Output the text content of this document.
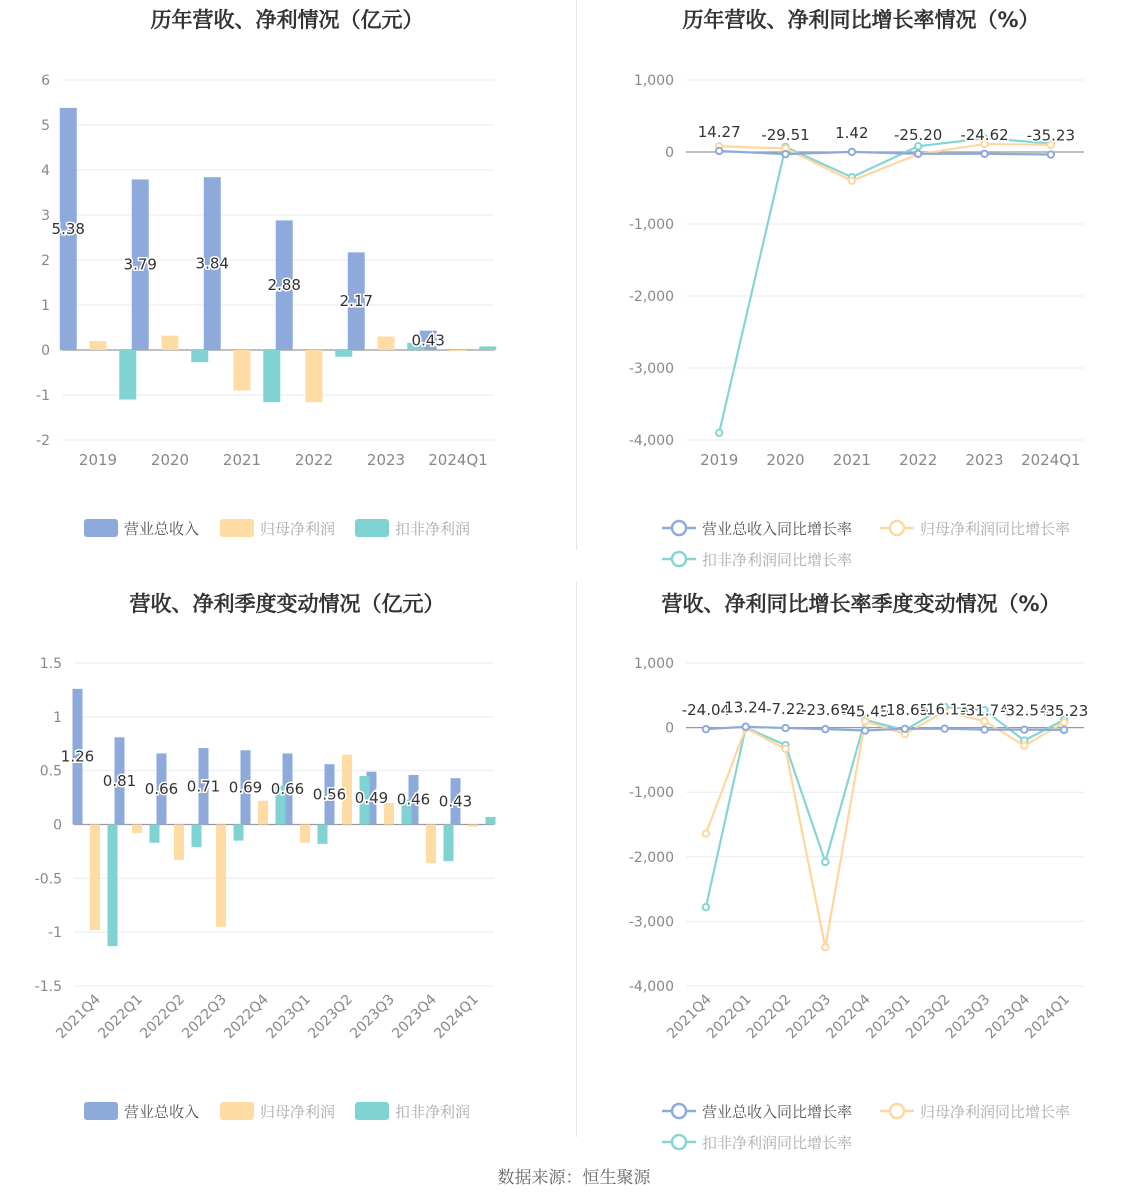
历年营收、净利情况（亿元）
6
5
4
3
2
1
0
-1
-2
2019 2020 2021 2022 2023 2024Q1
5.38
3.79	3.84
2.88
2.17
0.43
营业总收入	归母净利润	扣非净利润
历年营收、净利同比增长率情况（%）
1,000
0
-1,000
-2,000
-3,000
-4,000
2019 2020 2021 2022 2023 2024Q1
14.27 -29.51 1.42 -25.20 -24.62 -35.23
营业总收入同比增长率	归母净利润同比增长率
扣非净利润同比增长率
营收、净利季度变动情况（亿元）
1.5
1
0.5
0
-0.5
-1
-1.5
2021Q4
2022Q1
2022Q2
2022Q3
2022Q4
2023Q1
2023Q2
2023Q3
2023Q4
2024Q1
1.26
0.81 0.66 0.71 0.69 0.66 0.56 0.49 0.46 0.43
营业总收入	归母净利润	扣非净利润
营收、净利同比增长率季度变动情况（%）
1,000
0
-1,000
-2,000
-3,000
-4,000
2021Q4
2022Q1
2022Q2
2022Q3
2022Q4
2023Q1
2023Q2
2023Q3
2023Q4
2024Q1
-24.04
13.24
-7.22
-23.68
-45.45
-18.65
-16.13
-31.74
-32.54
-35.23
营业总收入同比增长率	归母净利润同比增长率
扣非净利润同比增长率
数据来源：恒生聚源
